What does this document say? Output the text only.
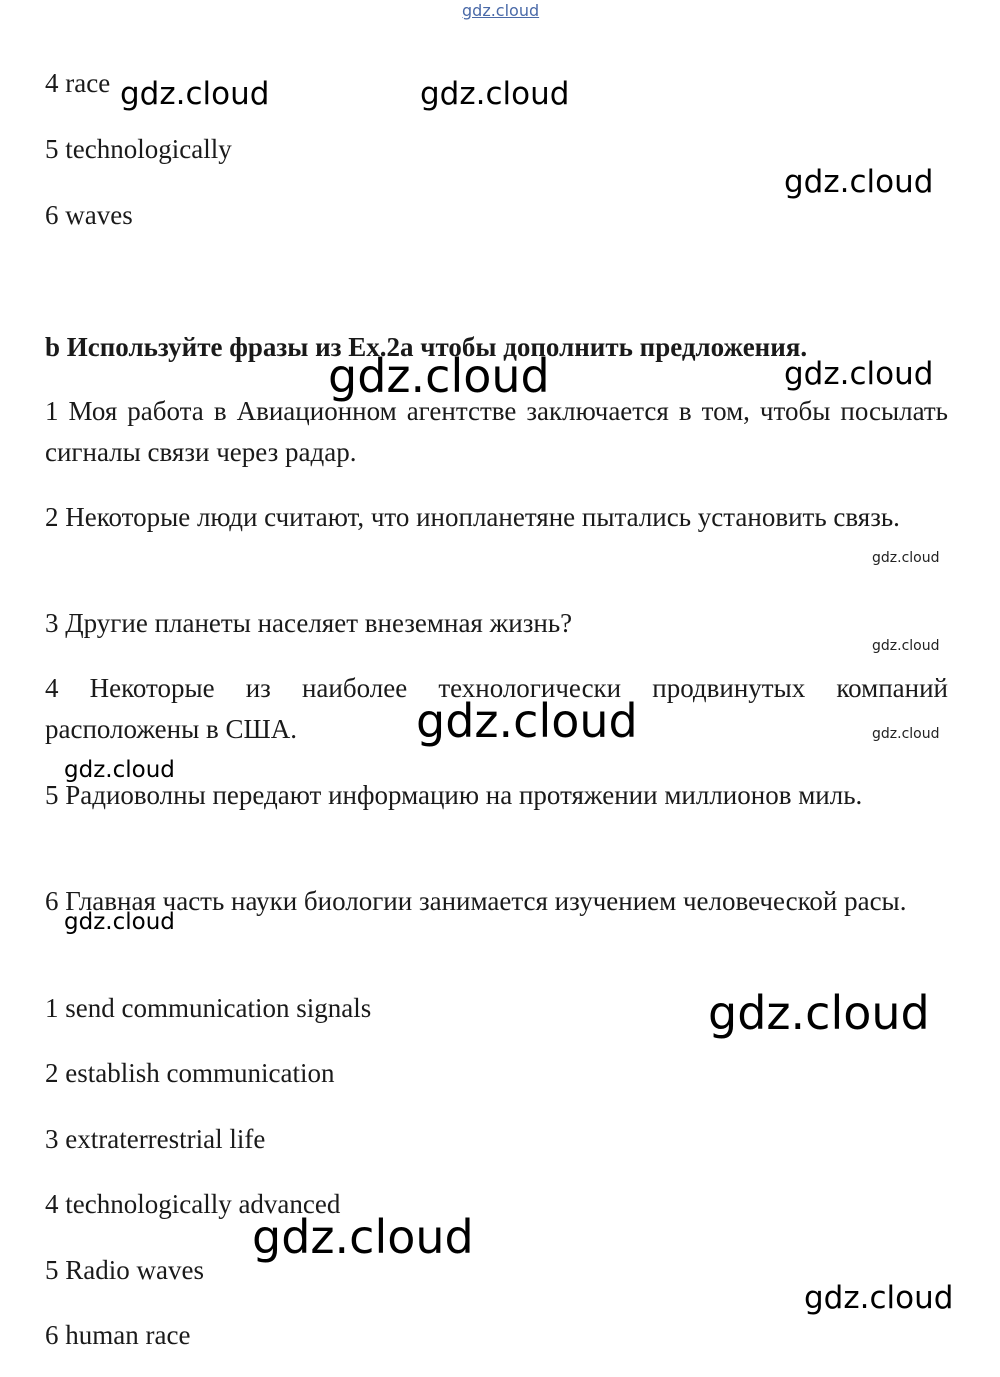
4 race

5 technologically

6 waves

b Используйте фразы из Ex.2a чтобы дополнить предложения.

1 Моя работа в Авиационном агентстве заключается в том, чтобы посылать сигналы связи через радар.

2 Некоторые люди считают, что инопланетяне пытались установить связь.

3 Другие планеты населяет внеземная жизнь?

4 Некоторые из наиболее технологически продвинутых компаний расположены в США.

5 Радиоволны передают информацию на протяжении миллионов миль.

6 Главная часть науки биологии занимается изучением человеческой расы.

1 send communication signals

2 establish communication

3 extraterrestrial life

4 technologically advanced

5 Radio waves

6 human race

gdz.cloud
gdz.cloud	gdz.cloud
gdz.cloud
gdz.cloud	gdz.cloud
gdz.cloud
gdz.cloud
gdz.cloud	gdz.cloud
gdz.cloud
gdz.cloud
gdz.cloud
gdz.cloud
gdz.cloud
